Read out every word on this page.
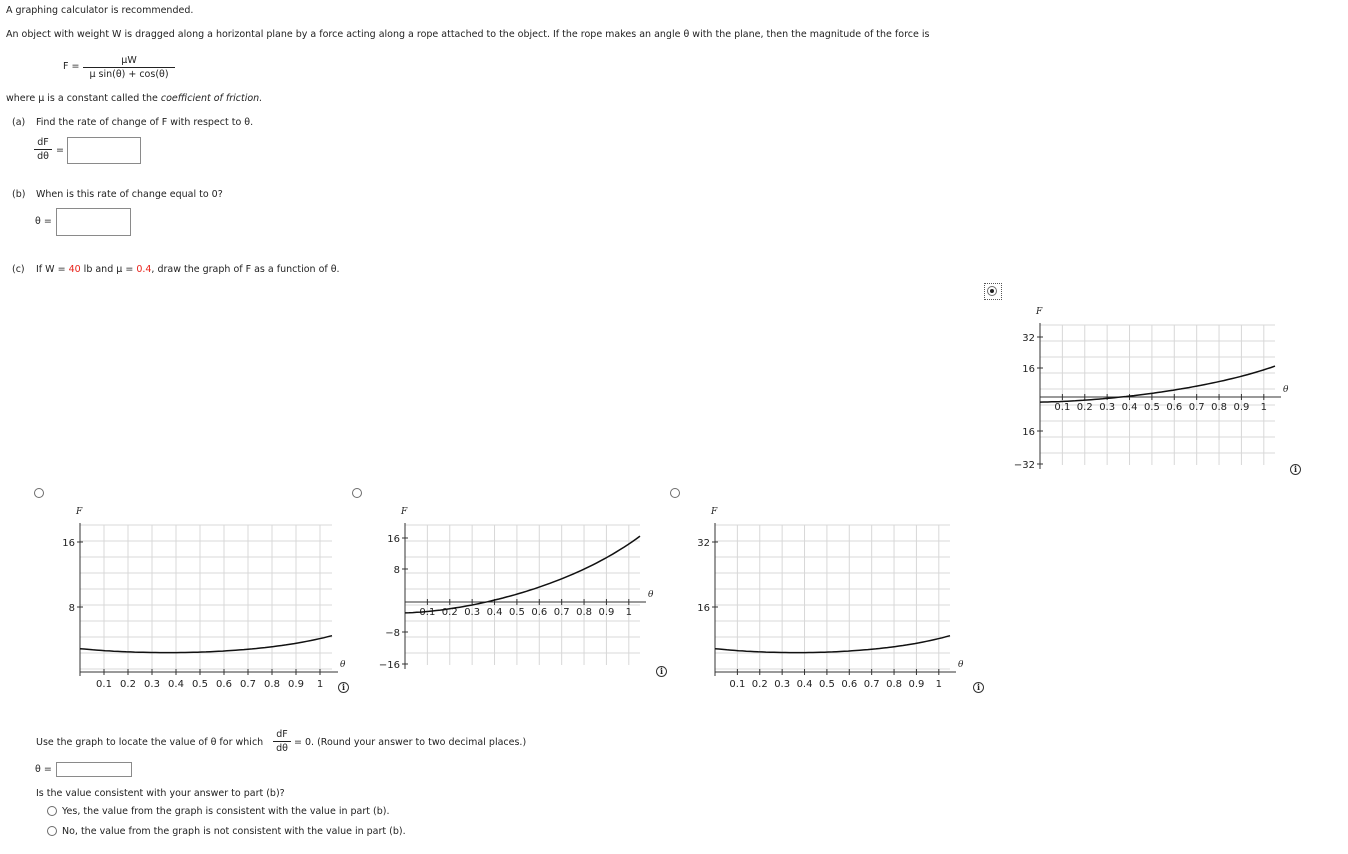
A graphing calculator is recommended.
An object with weight W is dragged along a horizontal plane by a force acting along a rope attached to the object. If the rope makes an angle θ with the plane, then the magnitude of the force is
$F = \frac{\mu W}{\text{μ sin(θ) + cos(θ)}}$
where μ is a constant called the coefficient of friction.
(a) Find the rate of change of F with respect to θ.
$\frac{dF}{d\theta}$ =
(b) When is this rate of change equal to 0?
θ =
(c) If W = 40 lb and μ = 0.4, draw the graph of F as a function of θ.
F
θ
0.1 0.2 0.3 0.4 0.5 0.6 0.7 0.8 0.9 1
32
16
16
−32
F
θ
0.1 0.2 0.3 0.4 0.5 0.6 0.7 0.8 0.9 1
16
8
F
θ
0.1 0.2 0.3 0.4 0.5 0.6 0.7 0.8 0.9 1
16
8
−8
−16
F
θ
0.1 0.2 0.3 0.4 0.5 0.6 0.7 0.8 0.9 1
32
16
i
i
i
i
Use the graph to locate the value of θ for which $\frac{dF}{d\theta} = 0$. (Round your answer to two decimal places.)
θ =
Is the value consistent with your answer to part (b)?
Yes, the value from the graph is consistent with the value in part (b).
No, the value from the graph is not consistent with the value in part (b).
